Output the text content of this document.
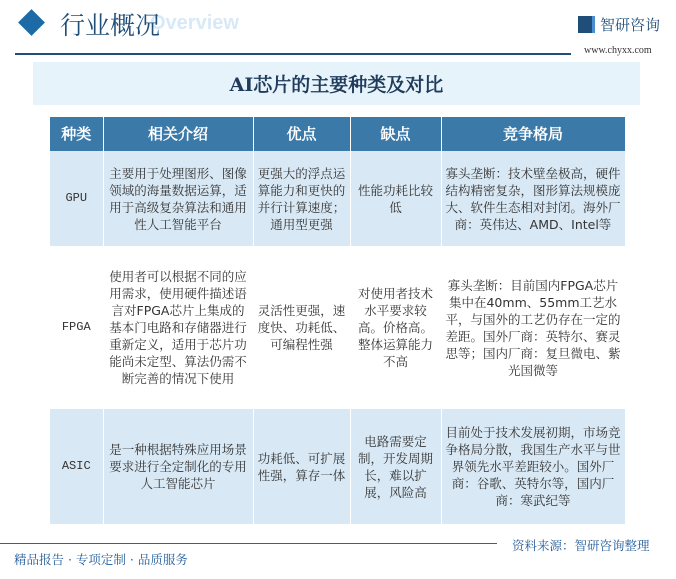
Overview
行业概况	智研咨询
www.chyxx.com
AI芯片的主要种类及对比
种类	相关介绍	优点	缺点	竞争格局
GPU	主要用于处理图形、图像领域的海量数据运算，适用于高级复杂算法和通用性人工智能平台	更强大的浮点运算能力和更快的并行计算速度；通用型更强	性能功耗比较低	寡头垄断：技术壁垒极高，硬件结构精密复杂，图形算法规模庞大、软件生态相对封闭。海外厂商：英伟达、AMD、Intel等
FPGA	使用者可以根据不同的应用需求，使用硬件描述语言对FPGA芯片上集成的基本门电路和存储器进行重新定义，适用于芯片功能尚未定型、算法仍需不断完善的情况下使用	灵活性更强，速度快、功耗低、可编程性强	对使用者技术水平要求较高。价格高。整体运算能力不高	寡头垄断：目前国内FPGA芯片集中在40mm、55mm工艺水平，与国外的工艺仍存在一定的差距。国外厂商：英特尔、赛灵思等；国内厂商：复旦微电、紫光国微等
ASIC	是一种根据特殊应用场景要求进行全定制化的专用人工智能芯片	功耗低、可扩展性强，算存一体	电路需要定制，开发周期长，难以扩展，风险高	目前处于技术发展初期，市场竞争格局分散，我国生产水平与世界领先水平差距较小。国外厂商：谷歌、英特尔等，国内厂商：寒武纪等
资料来源：智研咨询整理
精品报告 · 专项定制 · 品质服务
